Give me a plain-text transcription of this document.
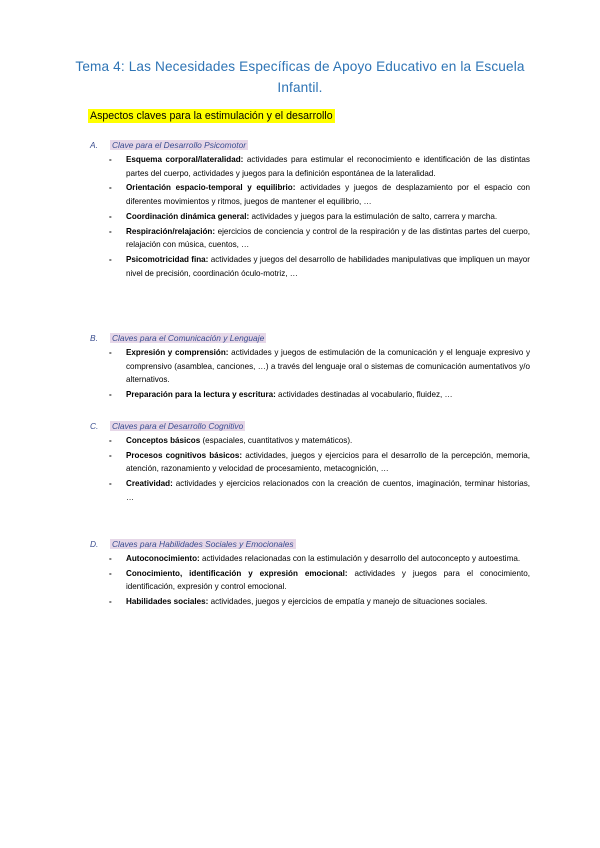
Tema 4: Las Necesidades Específicas de Apoyo Educativo en la Escuela Infantil.
Aspectos claves para la estimulación y el desarrollo
A.	Clave para el Desarrollo Psicomotor
- Esquema corporal/lateralidad: actividades para estimular el reconocimiento e identificación de las distintas partes del cuerpo, actividades y juegos para la definición espontánea de la lateralidad.
- Orientación espacio-temporal y equilibrio: actividades y juegos de desplazamiento por el espacio con diferentes movimientos y ritmos, juegos de mantener el equilibrio, …
- Coordinación dinámica general: actividades y juegos para la estimulación de salto, carrera y marcha.
- Respiración/relajación: ejercicios de conciencia y control de la respiración y de las distintas partes del cuerpo, relajación con música, cuentos, …
- Psicomotricidad fina: actividades y juegos del desarrollo de habilidades manipulativas que impliquen un mayor nivel de precisión, coordinación óculo-motriz, …
B.	Claves para el Comunicación y Lenguaje
- Expresión y comprensión: actividades y juegos de estimulación de la comunicación y el lenguaje expresivo y comprensivo (asamblea, canciones, …) a través del lenguaje oral o sistemas de comunicación aumentativos y/o alternativos.
- Preparación para la lectura y escritura: actividades destinadas al vocabulario, fluidez, …
C.	Claves para el Desarrollo Cognitivo
- Conceptos básicos (espaciales, cuantitativos y matemáticos).
- Procesos cognitivos básicos: actividades, juegos y ejercicios para el desarrollo de la percepción, memoria, atención, razonamiento y velocidad de procesamiento, metacognición, …
- Creatividad: actividades y ejercicios relacionados con la creación de cuentos, imaginación, terminar historias, …
D.	Claves para Habilidades Sociales y Emocionales
- Autoconocimiento: actividades relacionadas con la estimulación y desarrollo del autoconcepto y autoestima.
- Conocimiento, identificación y expresión emocional: actividades y juegos para el conocimiento, identificación, expresión y control emocional.
- Habilidades sociales: actividades, juegos y ejercicios de empatía y manejo de situaciones sociales.
